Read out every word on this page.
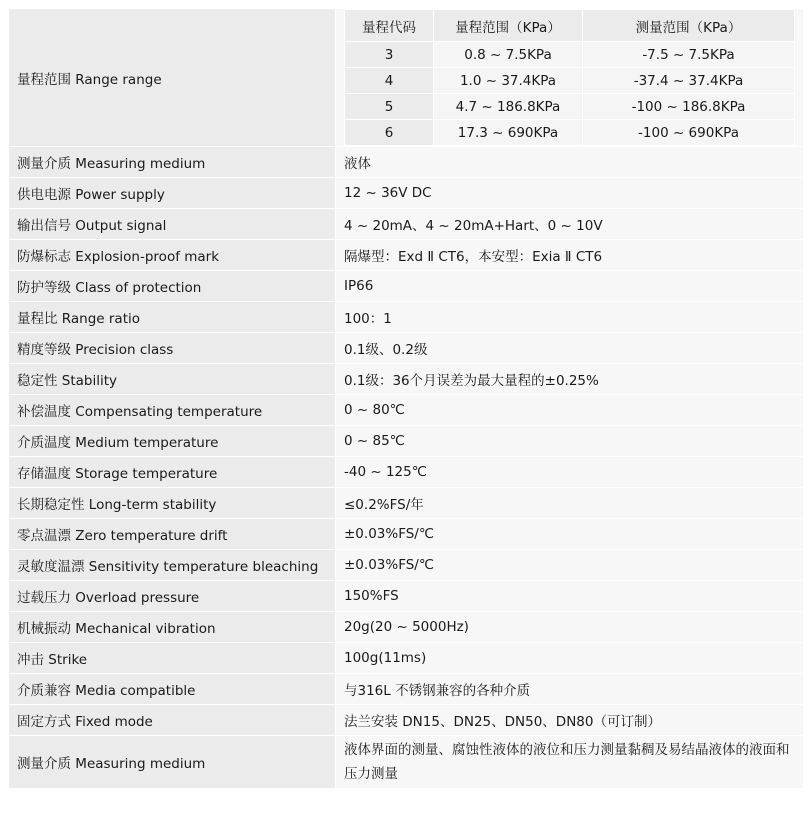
量程范围 Range range	
量程代码	量程范围（KPa）	测量范围（KPa）
3	0.8 ~ 7.5KPa	-7.5 ~ 7.5KPa
4	1.0 ~ 37.4KPa	-37.4 ~ 37.4KPa
5	4.7 ~ 186.8KPa	-100 ~ 186.8KPa
6	17.3 ~ 690KPa	-100 ~ 690KPa

测量介质 Measuring medium	液体
供电电源 Power supply	12 ~ 36V DC
输出信号 Output signal	4 ~ 20mA、4 ~ 20mA+Hart、0 ~ 10V
防爆标志 Explosion-proof mark	隔爆型：Exd Ⅱ CT6，本安型：Exia Ⅱ CT6
防护等级 Class of protection	IP66
量程比 Range ratio	100：1
精度等级 Precision class	0.1级、0.2级
稳定性 Stability	0.1级：36个月误差为最大量程的±0.25%
补偿温度 Compensating temperature	0 ~ 80℃
介质温度 Medium temperature	0 ~ 85℃
存储温度 Storage temperature	-40 ~ 125℃
长期稳定性 Long-term stability	≤0.2%FS/年
零点温漂 Zero temperature drift	±0.03%FS/℃
灵敏度温漂 Sensitivity temperature bleaching	±0.03%FS/℃
过载压力 Overload pressure	150%FS
机械振动 Mechanical vibration	20g(20 ~ 5000Hz)
冲击 Strike	100g(11ms)
介质兼容 Media compatible	与316L 不锈钢兼容的各种介质
固定方式 Fixed mode	法兰安装 DN15、DN25、DN50、DN80（可订制）
测量介质 Measuring medium	液体界面的测量、腐蚀性液体的液位和压力测量黏稠及易结晶液体的液面和压力测量
